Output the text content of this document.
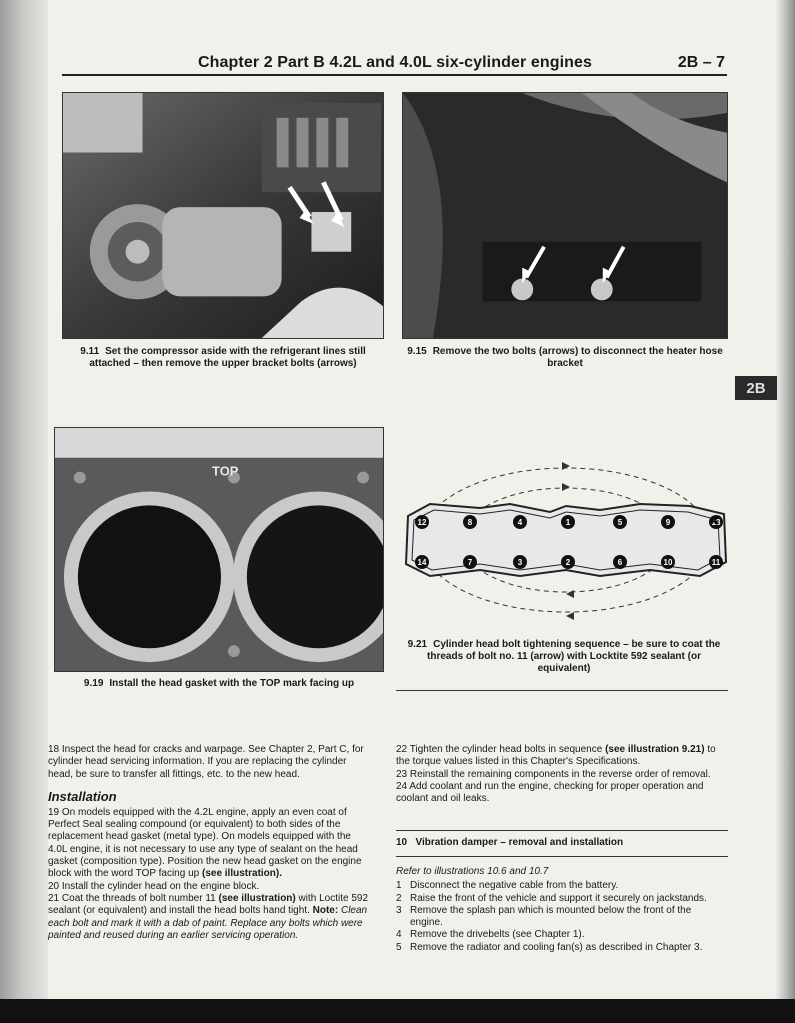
Chapter 2 Part B 4.2L and 4.0L six-cylinder engines	2B – 7
9.11 Set the compressor aside with the refrigerant lines still attached – then remove the upper bracket bolts (arrows)
9.15 Remove the two bolts (arrows) to disconnect the heater hose bracket
2B
TOP
9.19 Install the head gasket with the TOP mark facing up
12	8	4	1	5	9	13
14	7	3	2	6	10	11
9.21 Cylinder head bolt tightening sequence – be sure to coat the threads of bolt no. 11 (arrow) with Locktite 592 sealant (or equivalent)

18 Inspect the head for cracks and warpage. See Chapter 2, Part C, for cylinder head servicing information. If you are replacing the cylinder head, be sure to transfer all fittings, etc. to the new head.

Installation

19 On models equipped with the 4.2L engine, apply an even coat of Perfect Seal sealing compound (or equivalent) to both sides of the replacement head gasket (metal type). On models equipped with the 4.0L engine, it is not necessary to use any type of sealant on the head gasket (composition type). Position the new head gasket on the engine block with the word TOP facing up (see illustration).

20 Install the cylinder head on the engine block.

21 Coat the threads of bolt number 11 (see illustration) with Loctite 592 sealant (or equivalent) and install the head bolts hand tight. Note: Clean each bolt and mark it with a dab of paint. Replace any bolts which were painted and reused during an earlier servicing operation.

22 Tighten the cylinder head bolts in sequence (see illustration 9.21) to the torque values listed in this Chapter's Specifications.

23 Reinstall the remaining components in the reverse order of removal.

24 Add coolant and run the engine, checking for proper operation and coolant and oil leaks.

10 Vibration damper – removal and installation

Refer to illustrations 10.6 and 10.7

1 Disconnect the negative cable from the battery.

2 Raise the front of the vehicle and support it securely on jackstands.

3 Remove the splash pan which is mounted below the front of the engine.

4 Remove the drivebelts (see Chapter 1).

5 Remove the radiator and cooling fan(s) as described in Chapter 3.
